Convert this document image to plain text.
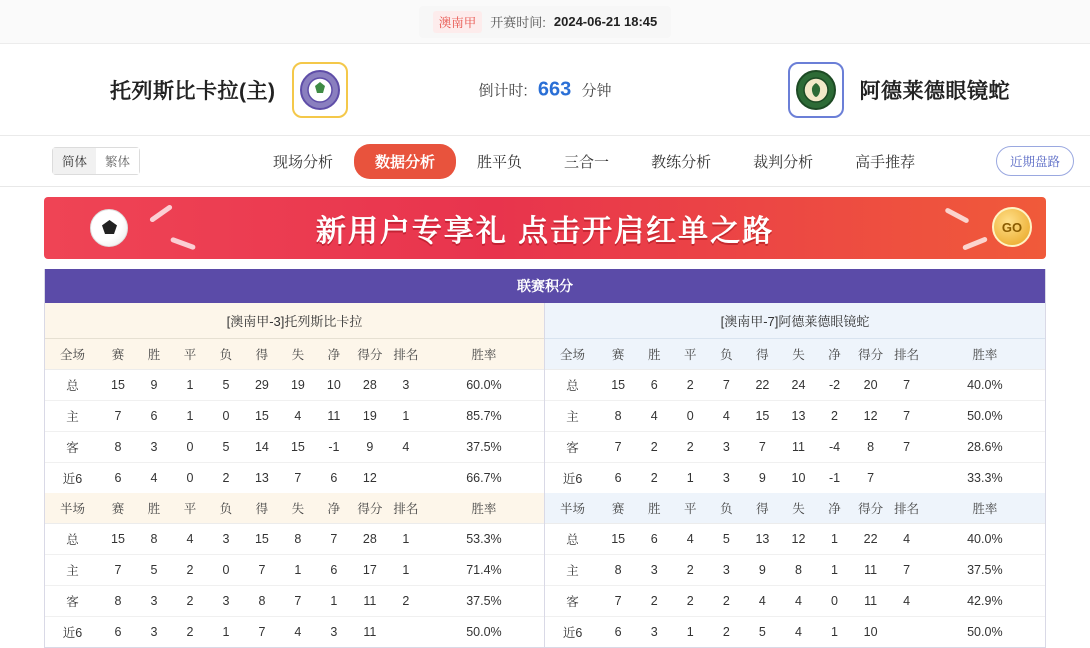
澳南甲	开赛时间: 2024-06-21 18:45
托列斯比卡拉(主)	倒计时: 663 分钟	阿德莱德眼镜蛇
简体	繁体	现场分析	数据分析	胜平负	三合一	教练分析	裁判分析	高手推荐	近期盘路
新用户专享礼 点击开启红单之路	GO
联赛积分
[澳南甲-3]托列斯比卡拉
全场	赛	胜	平	负	得	失	净	得分	排名	胜率
总	15	9	1	5	29	19	10	28	3	60.0%
主	7	6	1	0	15	4	11	19	1	85.7%
客	8	3	0	5	14	15	-1	9	4	37.5%
近6	6	4	0	2	13	7	6	12		66.7%
半场	赛	胜	平	负	得	失	净	得分	排名	胜率
总	15	8	4	3	15	8	7	28	1	53.3%
主	7	5	2	0	7	1	6	17	1	71.4%
客	8	3	2	3	8	7	1	11	2	37.5%
近6	6	3	2	1	7	4	3	11		50.0%
[澳南甲-7]阿德莱德眼镜蛇
全场	赛	胜	平	负	得	失	净	得分	排名	胜率
总	15	6	2	7	22	24	-2	20	7	40.0%
主	8	4	0	4	15	13	2	12	7	50.0%
客	7	2	2	3	7	11	-4	8	7	28.6%
近6	6	2	1	3	9	10	-1	7		33.3%
半场	赛	胜	平	负	得	失	净	得分	排名	胜率
总	15	6	4	5	13	12	1	22	4	40.0%
主	8	3	2	3	9	8	1	11	7	37.5%
客	7	2	2	2	4	4	0	11	4	42.9%
近6	6	3	1	2	5	4	1	10		50.0%
